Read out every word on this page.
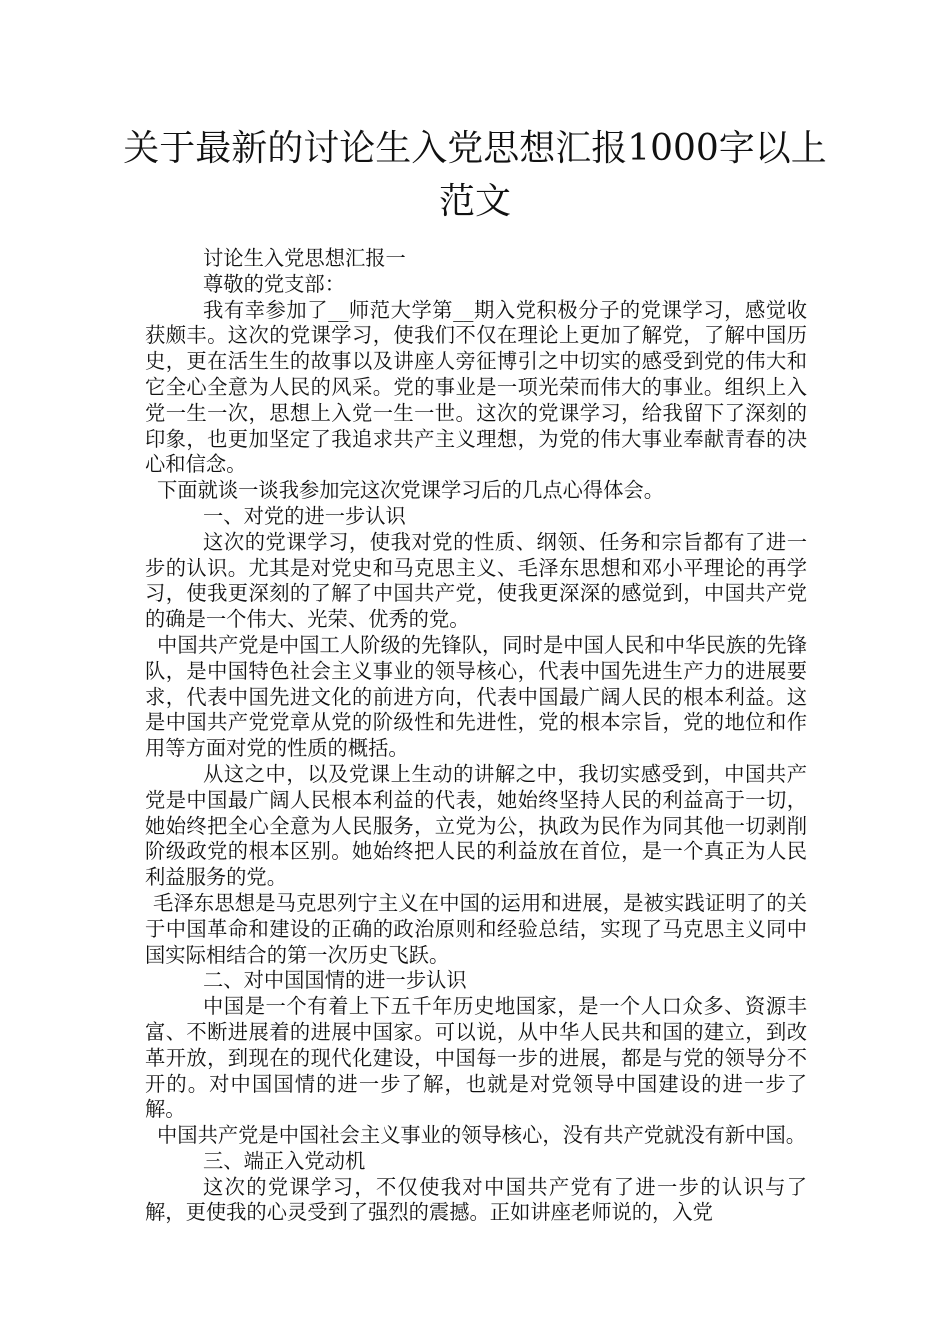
关于最新的讨论生入党思想汇报1000字以上范文

讨论生入党思想汇报一

尊敬的党支部：

我有幸参加了__师范大学第__期入党积极分子的党课学习，感觉收获颇丰。这次的党课学习，使我们不仅在理论上更加了解党，了解中国历史，更在活生生的故事以及讲座人旁征博引之中切实的感受到党的伟大和它全心全意为人民的风采。党的事业是一项光荣而伟大的事业。组织上入党一生一次，思想上入党一生一世。这次的党课学习，给我留下了深刻的印象，也更加坚定了我追求共产主义理想，为党的伟大事业奉献青春的决心和信念。

下面就谈一谈我参加完这次党课学习后的几点心得体会。

一、对党的进一步认识

这次的党课学习，使我对党的性质、纲领、任务和宗旨都有了进一步的认识。尤其是对党史和马克思主义、毛泽东思想和邓小平理论的再学习，使我更深刻的了解了中国共产党，使我更深深的感觉到，中国共产党的确是一个伟大、光荣、优秀的党。

中国共产党是中国工人阶级的先锋队，同时是中国人民和中华民族的先锋队，是中国特色社会主义事业的领导核心，代表中国先进生产力的进展要求，代表中国先进文化的前进方向，代表中国最广阔人民的根本利益。这是中国共产党党章从党的阶级性和先进性，党的根本宗旨，党的地位和作用等方面对党的性质的概括。

从这之中，以及党课上生动的讲解之中，我切实感受到，中国共产党是中国最广阔人民根本利益的代表，她始终坚持人民的利益高于一切，她始终把全心全意为人民服务，立党为公，执政为民作为同其他一切剥削阶级政党的根本区别。她始终把人民的利益放在首位，是一个真正为人民利益服务的党。

毛泽东思想是马克思列宁主义在中国的运用和进展，是被实践证明了的关于中国革命和建设的正确的政治原则和经验总结，实现了马克思主义同中国实际相结合的第一次历史飞跃。

二、对中国国情的进一步认识

中国是一个有着上下五千年历史地国家，是一个人口众多、资源丰富、不断进展着的进展中国家。可以说，从中华人民共和国的建立，到改革开放，到现在的现代化建设，中国每一步的进展，都是与党的领导分不开的。对中国国情的进一步了解，也就是对党领导中国建设的进一步了解。

中国共产党是中国社会主义事业的领导核心，没有共产党就没有新中国。

三、端正入党动机

这次的党课学习，不仅使我对中国共产党有了进一步的认识与了解，更使我的心灵受到了强烈的震撼。正如讲座老师说的，入党
